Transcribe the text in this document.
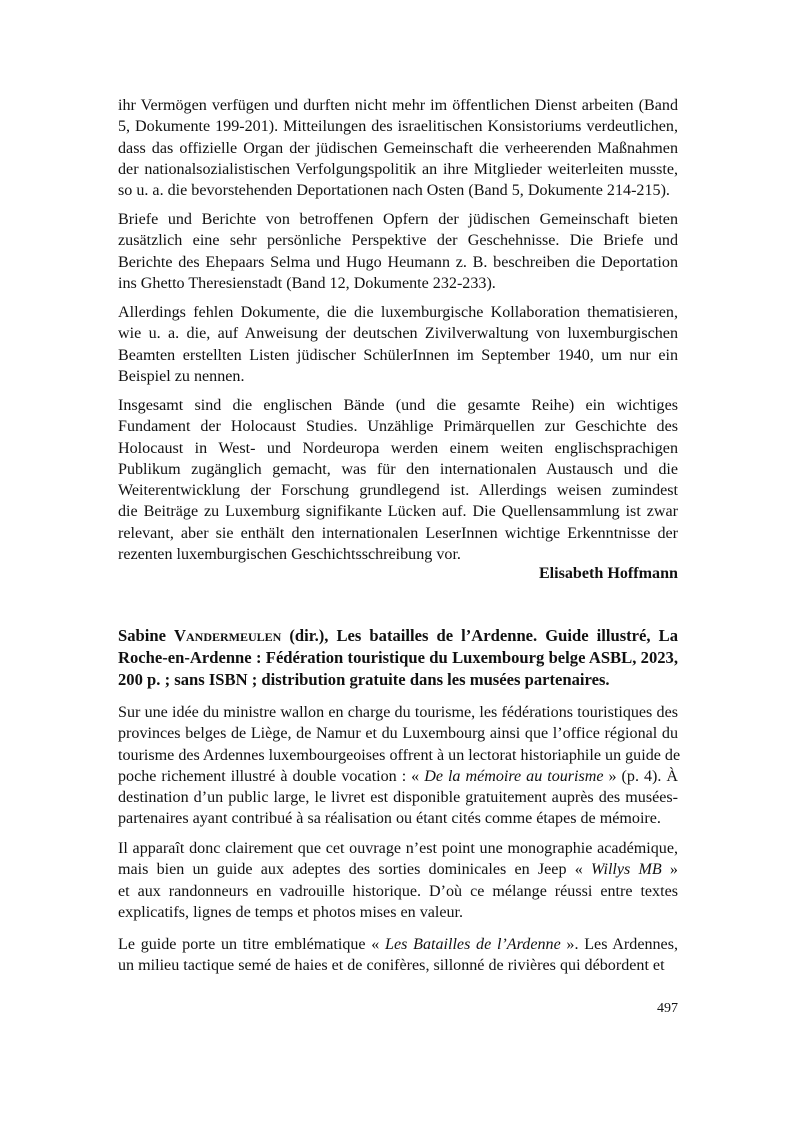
ihr Vermögen verfügen und durften nicht mehr im öffentlichen Dienst arbeiten (Band
5, Dokumente 199-201). Mitteilungen des israelitischen Konsistoriums verdeutlichen,
dass das offizielle Organ der jüdischen Gemeinschaft die verheerenden Maßnahmen
der nationalsozialistischen Verfolgungspolitik an ihre Mitglieder weiterleiten musste,
so u. a. die bevorstehenden Deportationen nach Osten (Band 5, Dokumente 214-215).

Briefe und Berichte von betroffenen Opfern der jüdischen Gemeinschaft bieten
zusätzlich eine sehr persönliche Perspektive der Geschehnisse. Die Briefe und
Berichte des Ehepaars Selma und Hugo Heumann z. B. beschreiben die Deportation
ins Ghetto Theresienstadt (Band 12, Dokumente 232-233).

Allerdings fehlen Dokumente, die die luxemburgische Kollaboration thematisieren,
wie u. a. die, auf Anweisung der deutschen Zivilverwaltung von luxemburgischen
Beamten erstellten Listen jüdischer SchülerInnen im September 1940, um nur ein
Beispiel zu nennen.

Insgesamt sind die englischen Bände (und die gesamte Reihe) ein wichtiges
Fundament der Holocaust Studies. Unzählige Primärquellen zur Geschichte des
Holocaust in West- und Nordeuropa werden einem weiten englischsprachigen
Publikum zugänglich gemacht, was für den internationalen Austausch und die
Weiterentwicklung der Forschung grundlegend ist. Allerdings weisen zumindest
die Beiträge zu Luxemburg signifikante Lücken auf. Die Quellensammlung ist zwar
relevant, aber sie enthält den internationalen LeserInnen wichtige Erkenntnisse der
rezenten luxemburgischen Geschichtsschreibung vor.

Elisabeth Hoffmann
Sabine Vandermeulen (dir.), Les batailles de l’Ardenne. Guide illustré, La
Roche-en-Ardenne : Fédération touristique du Luxembourg belge ASBL, 2023,
200 p. ; sans ISBN ; distribution gratuite dans les musées partenaires.

Sur une idée du ministre wallon en charge du tourisme, les fédérations touristiques des
provinces belges de Liège, de Namur et du Luxembourg ainsi que l’office régional du
tourisme des Ardennes luxembourgeoises offrent à un lectorat historiaphile un guide de
poche richement illustré à double vocation : « De la mémoire au tourisme » (p. 4). À
destination d’un public large, le livret est disponible gratuitement auprès des musées-
partenaires ayant contribué à sa réalisation ou étant cités comme étapes de mémoire.

Il apparaît donc clairement que cet ouvrage n’est point une monographie académique,
mais bien un guide aux adeptes des sorties dominicales en Jeep « Willys MB »
et aux randonneurs en vadrouille historique. D’où ce mélange réussi entre textes
explicatifs, lignes de temps et photos mises en valeur.

Le guide porte un titre emblématique « Les Batailles de l’Ardenne ». Les Ardennes,
un milieu tactique semé de haies et de conifères, sillonné de rivières qui débordent et

497
